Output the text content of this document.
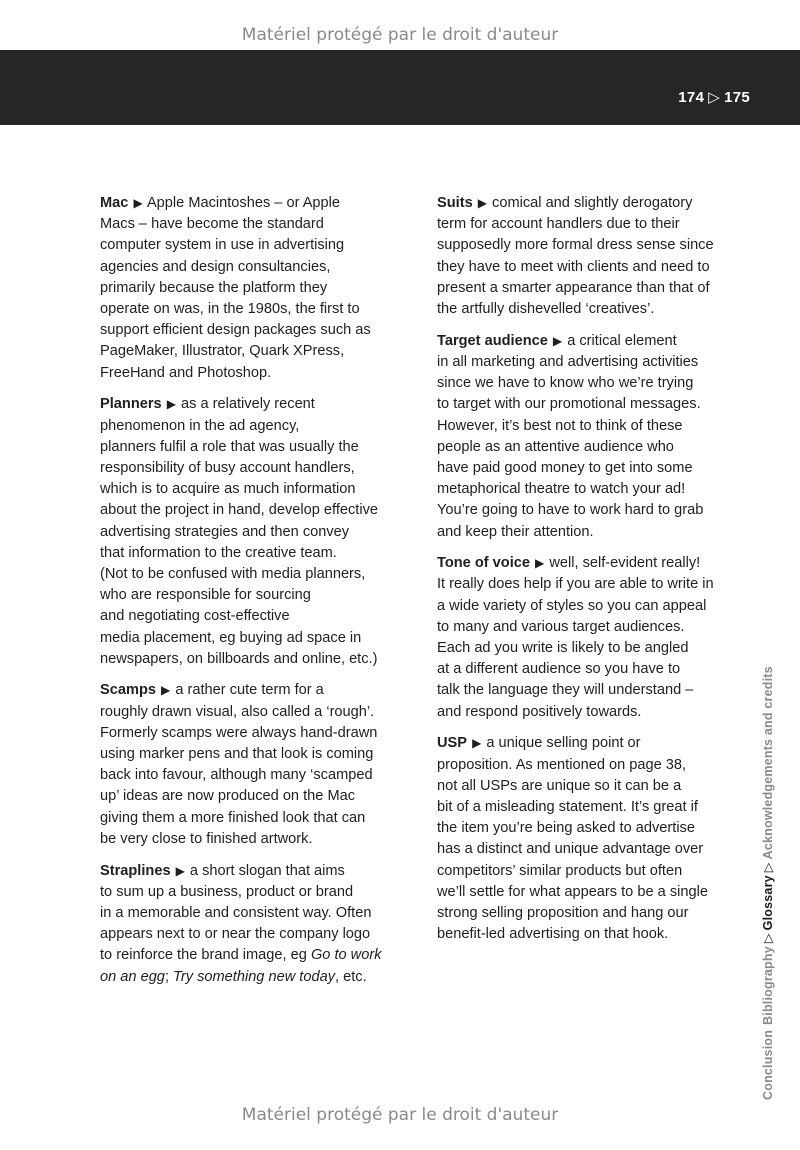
Matériel protégé par le droit d'auteur
174 ▷ 175
Mac ▶ Apple Macintoshes – or Apple
Macs – have become the standard
computer system in use in advertising
agencies and design consultancies,
primarily because the platform they
operate on was, in the 1980s, the first to
support efficient design packages such as
PageMaker, Illustrator, Quark XPress,
FreeHand and Photoshop.
Planners ▶ as a relatively recent
phenomenon in the ad agency,
planners fulfil a role that was usually the
responsibility of busy account handlers,
which is to acquire as much information
about the project in hand, develop effective
advertising strategies and then convey
that information to the creative team.
(Not to be confused with media planners,
who are responsible for sourcing
and negotiating cost-effective
media placement, eg buying ad space in
newspapers, on billboards and online, etc.)
Scamps ▶ a rather cute term for a
roughly drawn visual, also called a ‘rough’.
Formerly scamps were always hand-drawn
using marker pens and that look is coming
back into favour, although many ‘scamped
up’ ideas are now produced on the Mac
giving them a more finished look that can
be very close to finished artwork.
Straplines ▶ a short slogan that aims
to sum up a business, product or brand
in a memorable and consistent way. Often
appears next to or near the company logo
to reinforce the brand image, eg Go to work
on an egg; Try something new today, etc.
Suits ▶ comical and slightly derogatory
term for account handlers due to their
supposedly more formal dress sense since
they have to meet with clients and need to
present a smarter appearance than that of
the artfully dishevelled ‘creatives’.
Target audience ▶ a critical element
in all marketing and advertising activities
since we have to know who we’re trying
to target with our promotional messages.
However, it’s best not to think of these
people as an attentive audience who
have paid good money to get into some
metaphorical theatre to watch your ad!
You’re going to have to work hard to grab
and keep their attention.
Tone of voice ▶ well, self-evident really!
It really does help if you are able to write in
a wide variety of styles so you can appeal
to many and various target audiences.
Each ad you write is likely to be angled
at a different audience so you have to
talk the language they will understand –
and respond positively towards.
USP ▶ a unique selling point or
proposition. As mentioned on page 38,
not all USPs are unique so it can be a
bit of a misleading statement. It’s great if
the item you’re being asked to advertise
has a distinct and unique advantage over
competitors’ similar products but often
we’ll settle for what appears to be a single
strong selling proposition and hang our
benefit-led advertising on that hook.
ConclusionBibliography▷Glossary▷Acknowledgements and credits
Matériel protégé par le droit d'auteur
